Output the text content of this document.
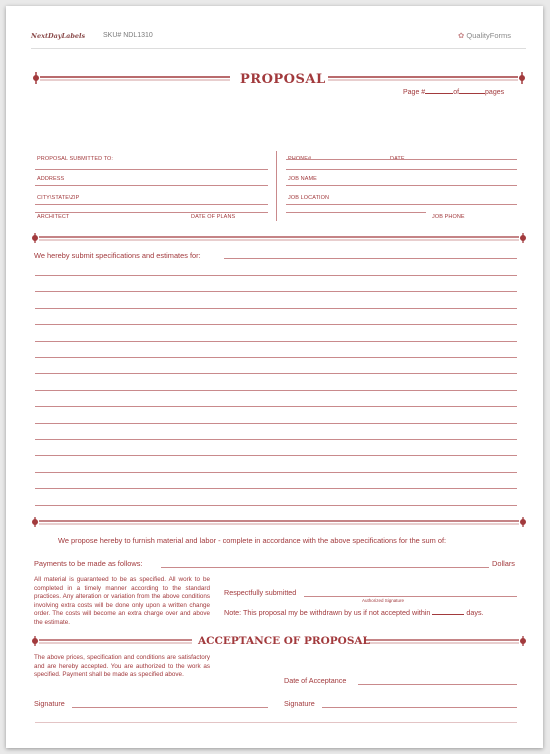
NextDayLabels	SKU# NDL1310	✿ QualityForms
PROPOSAL
Page #	of	pages
PROPOSAL SUBMITTED TO:	PHONE#	DATE
ADDRESS	JOB NAME
CITY\STATE\ZIP	JOB LOCATION
ARCHITECT	DATE OF PLANS	JOB PHONE
We hereby submit specifications and estimates for:
We propose hereby to furnish material and labor - complete in accordance with the above specifications for the sum of:
Payments to be made as follows:	Dollars
All material is guaranteed to be as specified. All work to be completed in a timely manner according to the standard practices. Any alteration or variation from the above conditions involving extra costs will be done only upon a written change order. The costs will become an extra charge over and above the estimate.
Respectfully submitted
Authorized Signature
Note: This proposal my be withdrawn by us if not accepted within	days.
ACCEPTANCE OF PROPOSAL
The above prices, specification and conditions are satisfactory and are hereby accepted. You are authorized to the work as specified. Payment shall be made as specified above.
Date of Acceptance
Signature	Signature
